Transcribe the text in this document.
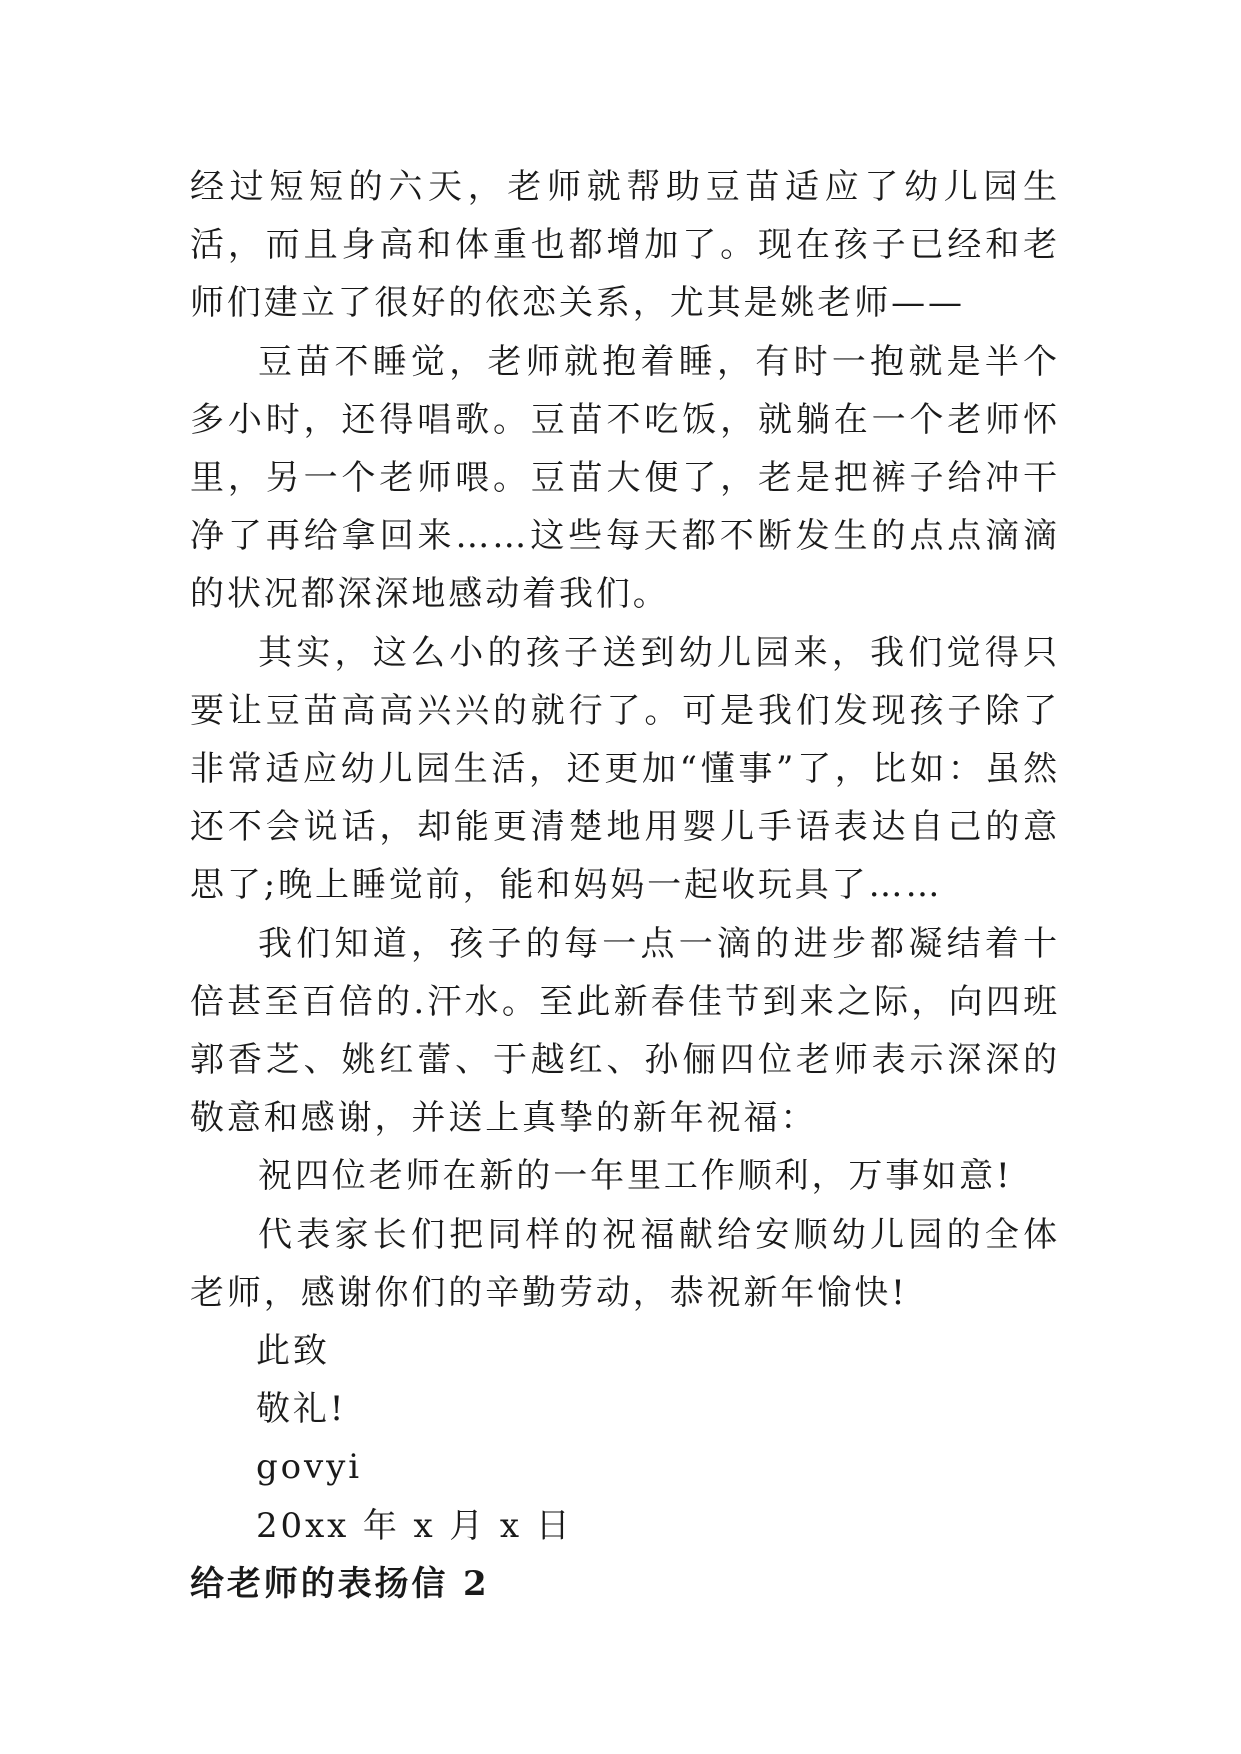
经过短短的六天，老师就帮助豆苗适应了幼儿园生活，而且身高和体重也都增加了。现在孩子已经和老师们建立了很好的依恋关系，尤其是姚老师——

豆苗不睡觉，老师就抱着睡，有时一抱就是半个多小时，还得唱歌。豆苗不吃饭，就躺在一个老师怀里，另一个老师喂。豆苗大便了，老是把裤子给冲干净了再给拿回来……这些每天都不断发生的点点滴滴的状况都深深地感动着我们。

其实，这么小的孩子送到幼儿园来，我们觉得只要让豆苗高高兴兴的就行了。可是我们发现孩子除了非常适应幼儿园生活，还更加“懂事”了，比如：虽然还不会说话，却能更清楚地用婴儿手语表达自己的意思了;晚上睡觉前，能和妈妈一起收玩具了……

我们知道，孩子的每一点一滴的进步都凝结着十倍甚至百倍的.汗水。至此新春佳节到来之际，向四班郭香芝、姚红蕾、于越红、孙俪四位老师表示深深的敬意和感谢，并送上真挚的新年祝福：

祝四位老师在新的一年里工作顺利，万事如意!

代表家长们把同样的祝福献给安顺幼儿园的全体老师，感谢你们的辛勤劳动，恭祝新年愉快!

此致

敬礼!

govyi

20xx 年 x 月 x 日

给老师的表扬信 2
